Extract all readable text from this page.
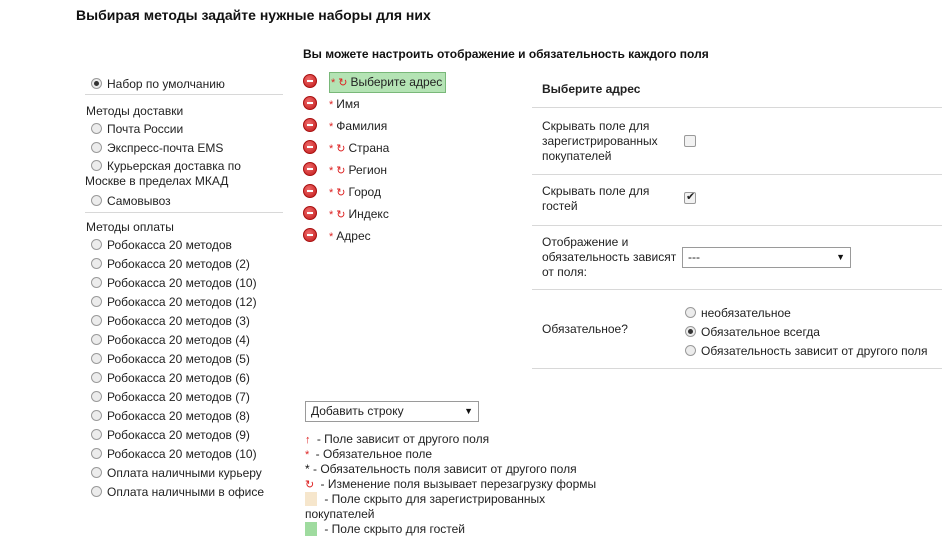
Выбирая методы задайте нужные наборы для них
Вы можете настроить отображение и обязательность каждого поля
Набор по умолчанию
Методы доставки
Почта России
Экспресс-почта EMS
Курьерская доставка по Москве в пределах МКАД
Самовывоз
Методы оплаты
Робокасса 20 методов
Робокасса 20 методов (2)
Робокасса 20 методов (10)
Робокасса 20 методов (12)
Робокасса 20 методов (3)
Робокасса 20 методов (4)
Робокасса 20 методов (5)
Робокасса 20 методов (6)
Робокасса 20 методов (7)
Робокасса 20 методов (8)
Робокасса 20 методов (9)
Робокасса 20 методов (10)
Оплата наличными курьеру
Оплата наличными в офисе
* ↻ Выберите адрес
* Имя
* Фамилия
* ↻ Страна
* ↻ Регион
* ↻ Город
* ↻ Индекс
* Адрес
Добавить строку	▼
Выберите адрес
Скрывать поле для зарегистрированных покупателей
Скрывать поле для гостей
✔
Отображение и обязательность зависят от поля:
---	▼
Обязательное?
необязательное
Обязательное всегда
Обязательность зависит от другого поля
↑ - Поле зависит от другого поля
* - Обязательное поле
* - Обязательность поля зависит от другого поля
↻ - Изменение поля вызывает перезагрузку формы
- Поле скрыто для зарегистрированных
покупателей
- Поле скрыто для гостей
